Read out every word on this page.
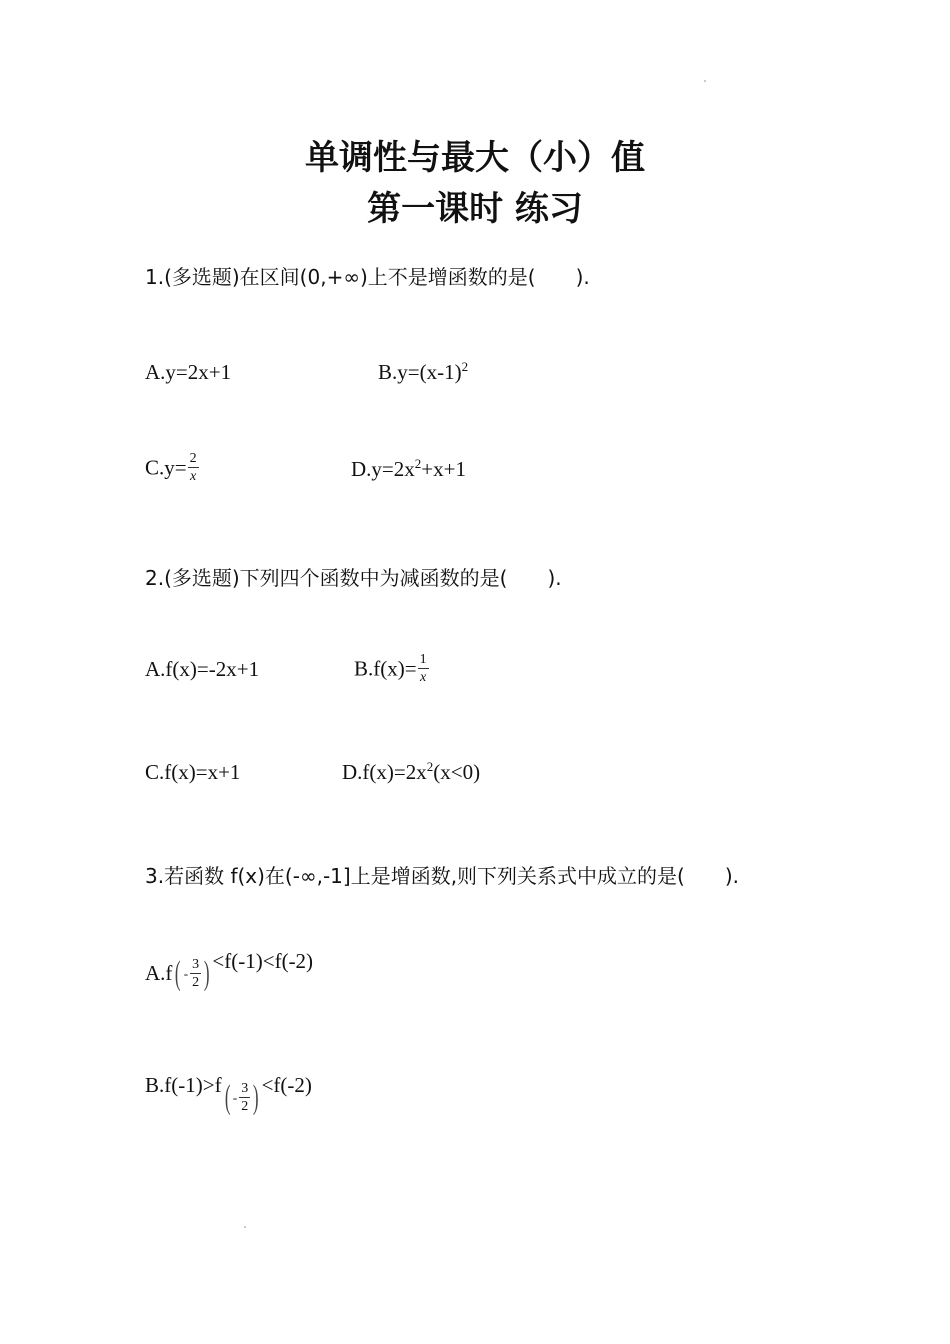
单调性与最大（小）值
第一课时 练习
1.(多选题)在区间(0,+∞)上不是增函数的是(　　).
A.y=2x+1	$B.y=(x-1)^2$
$C.y= \frac{2}{x}$	$D.y=2x^2+x+1$
2.(多选题)下列四个函数中为减函数的是(　　).
A.f(x)=-2x+1	$B.f(x)= \frac{1}{x}$
C.f(x)=x+1	$D.f(x)=2x^2(x<0)$
3.若函数 f(x)在(-∞,-1]上是增函数,则下列关系式中成立的是(　　).
$A.f( - \frac{3}{2}$ ) <f(-1)<f(-2)
$B.f(-1)>f( - \frac{3}{2}$ ) <f(-2)
